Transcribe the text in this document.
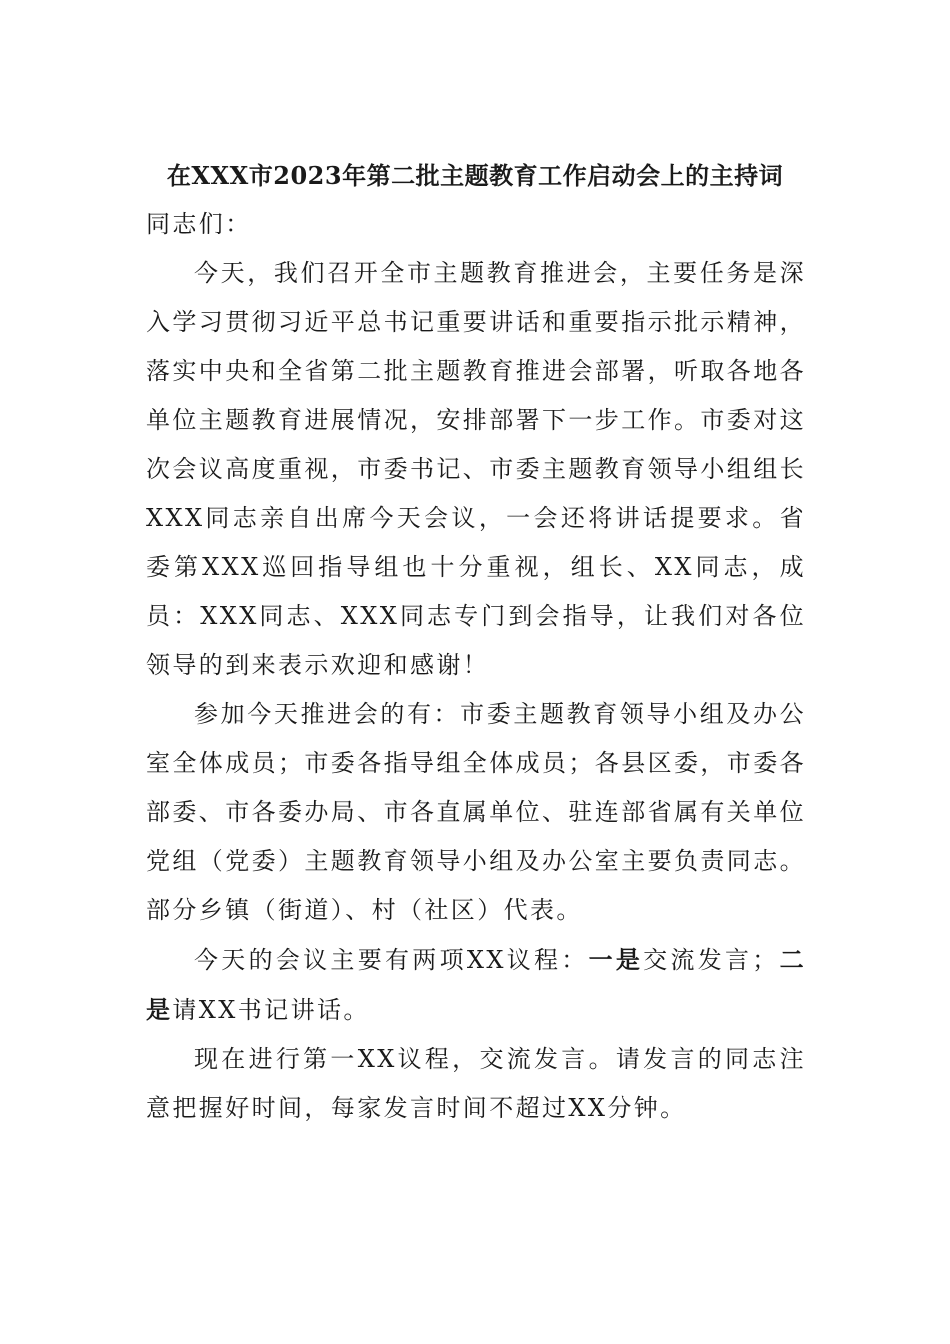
在XXX市2023年第二批主题教育工作启动会上的主持词

同志们：

今天，我们召开全市主题教育推进会，主要任务是深入学习贯彻习近平总书记重要讲话和重要指示批示精神，落实中央和全省第二批主题教育推进会部署，听取各地各单位主题教育进展情况，安排部署下一步工作。市委对这次会议高度重视，市委书记、市委主题教育领导小组组长XXX同志亲自出席今天会议，一会还将讲话提要求。省委第XXX巡回指导组也十分重视，组长、XX同志，成员：XXX同志、XXX同志专门到会指导，让我们对各位领导的到来表示欢迎和感谢！

参加今天推进会的有：市委主题教育领导小组及办公室全体成员；市委各指导组全体成员；各县区委，市委各部委、市各委办局、市各直属单位、驻连部省属有关单位党组（党委）主题教育领导小组及办公室主要负责同志。部分乡镇（街道）、村（社区）代表。

今天的会议主要有两项XX议程：一是交流发言；二是请XX书记讲话。

现在进行第一XX议程，交流发言。请发言的同志注意把握好时间，每家发言时间不超过XX分钟。
